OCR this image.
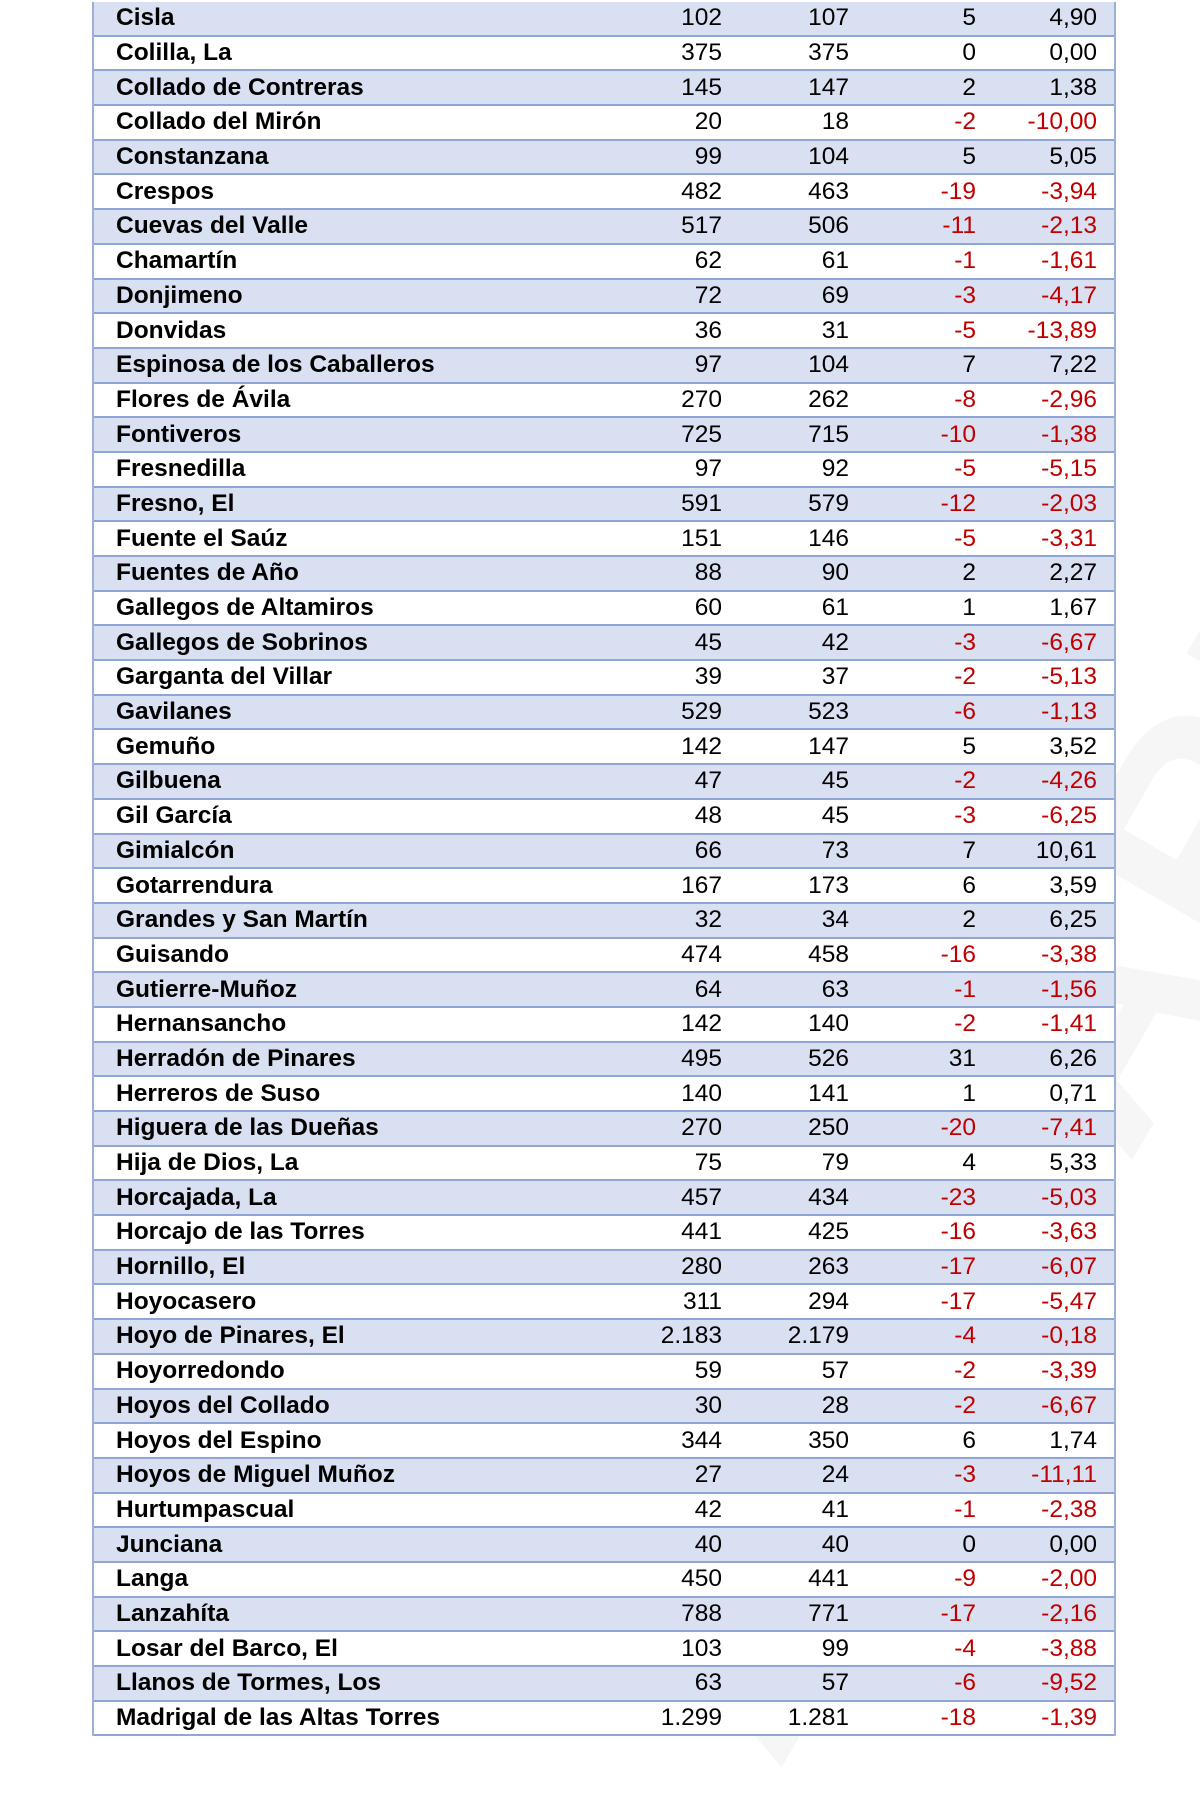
Cisla	102	107	5	4,90
Colilla, La	375	375	0	0,00
Collado de Contreras	145	147	2	1,38
Collado del Mirón	20	18	-2	-10,00
Constanzana	99	104	5	5,05
Crespos	482	463	-19	-3,94
Cuevas del Valle	517	506	-11	-2,13
Chamartín	62	61	-1	-1,61
Donjimeno	72	69	-3	-4,17
Donvidas	36	31	-5	-13,89
Espinosa de los Caballeros	97	104	7	7,22
Flores de Ávila	270	262	-8	-2,96
Fontiveros	725	715	-10	-1,38
Fresnedilla	97	92	-5	-5,15
Fresno, El	591	579	-12	-2,03
Fuente el Saúz	151	146	-5	-3,31
Fuentes de Año	88	90	2	2,27
Gallegos de Altamiros	60	61	1	1,67
Gallegos de Sobrinos	45	42	-3	-6,67
Garganta del Villar	39	37	-2	-5,13
Gavilanes	529	523	-6	-1,13
Gemuño	142	147	5	3,52
Gilbuena	47	45	-2	-4,26
Gil García	48	45	-3	-6,25
Gimialcón	66	73	7	10,61
Gotarrendura	167	173	6	3,59
Grandes y San Martín	32	34	2	6,25
Guisando	474	458	-16	-3,38
Gutierre-Muñoz	64	63	-1	-1,56
Hernansancho	142	140	-2	-1,41
Herradón de Pinares	495	526	31	6,26
Herreros de Suso	140	141	1	0,71
Higuera de las Dueñas	270	250	-20	-7,41
Hija de Dios, La	75	79	4	5,33
Horcajada, La	457	434	-23	-5,03
Horcajo de las Torres	441	425	-16	-3,63
Hornillo, El	280	263	-17	-6,07
Hoyocasero	311	294	-17	-5,47
Hoyo de Pinares, El	2.183	2.179	-4	-0,18
Hoyorredondo	59	57	-2	-3,39
Hoyos del Collado	30	28	-2	-6,67
Hoyos del Espino	344	350	6	1,74
Hoyos de Miguel Muñoz	27	24	-3	-11,11
Hurtumpascual	42	41	-1	-2,38
Junciana	40	40	0	0,00
Langa	450	441	-9	-2,00
Lanzahíta	788	771	-17	-2,16
Losar del Barco, El	103	99	-4	-3,88
Llanos de Tormes, Los	63	57	-6	-9,52
Madrigal de las Altas Torres	1.299	1.281	-18	-1,39
